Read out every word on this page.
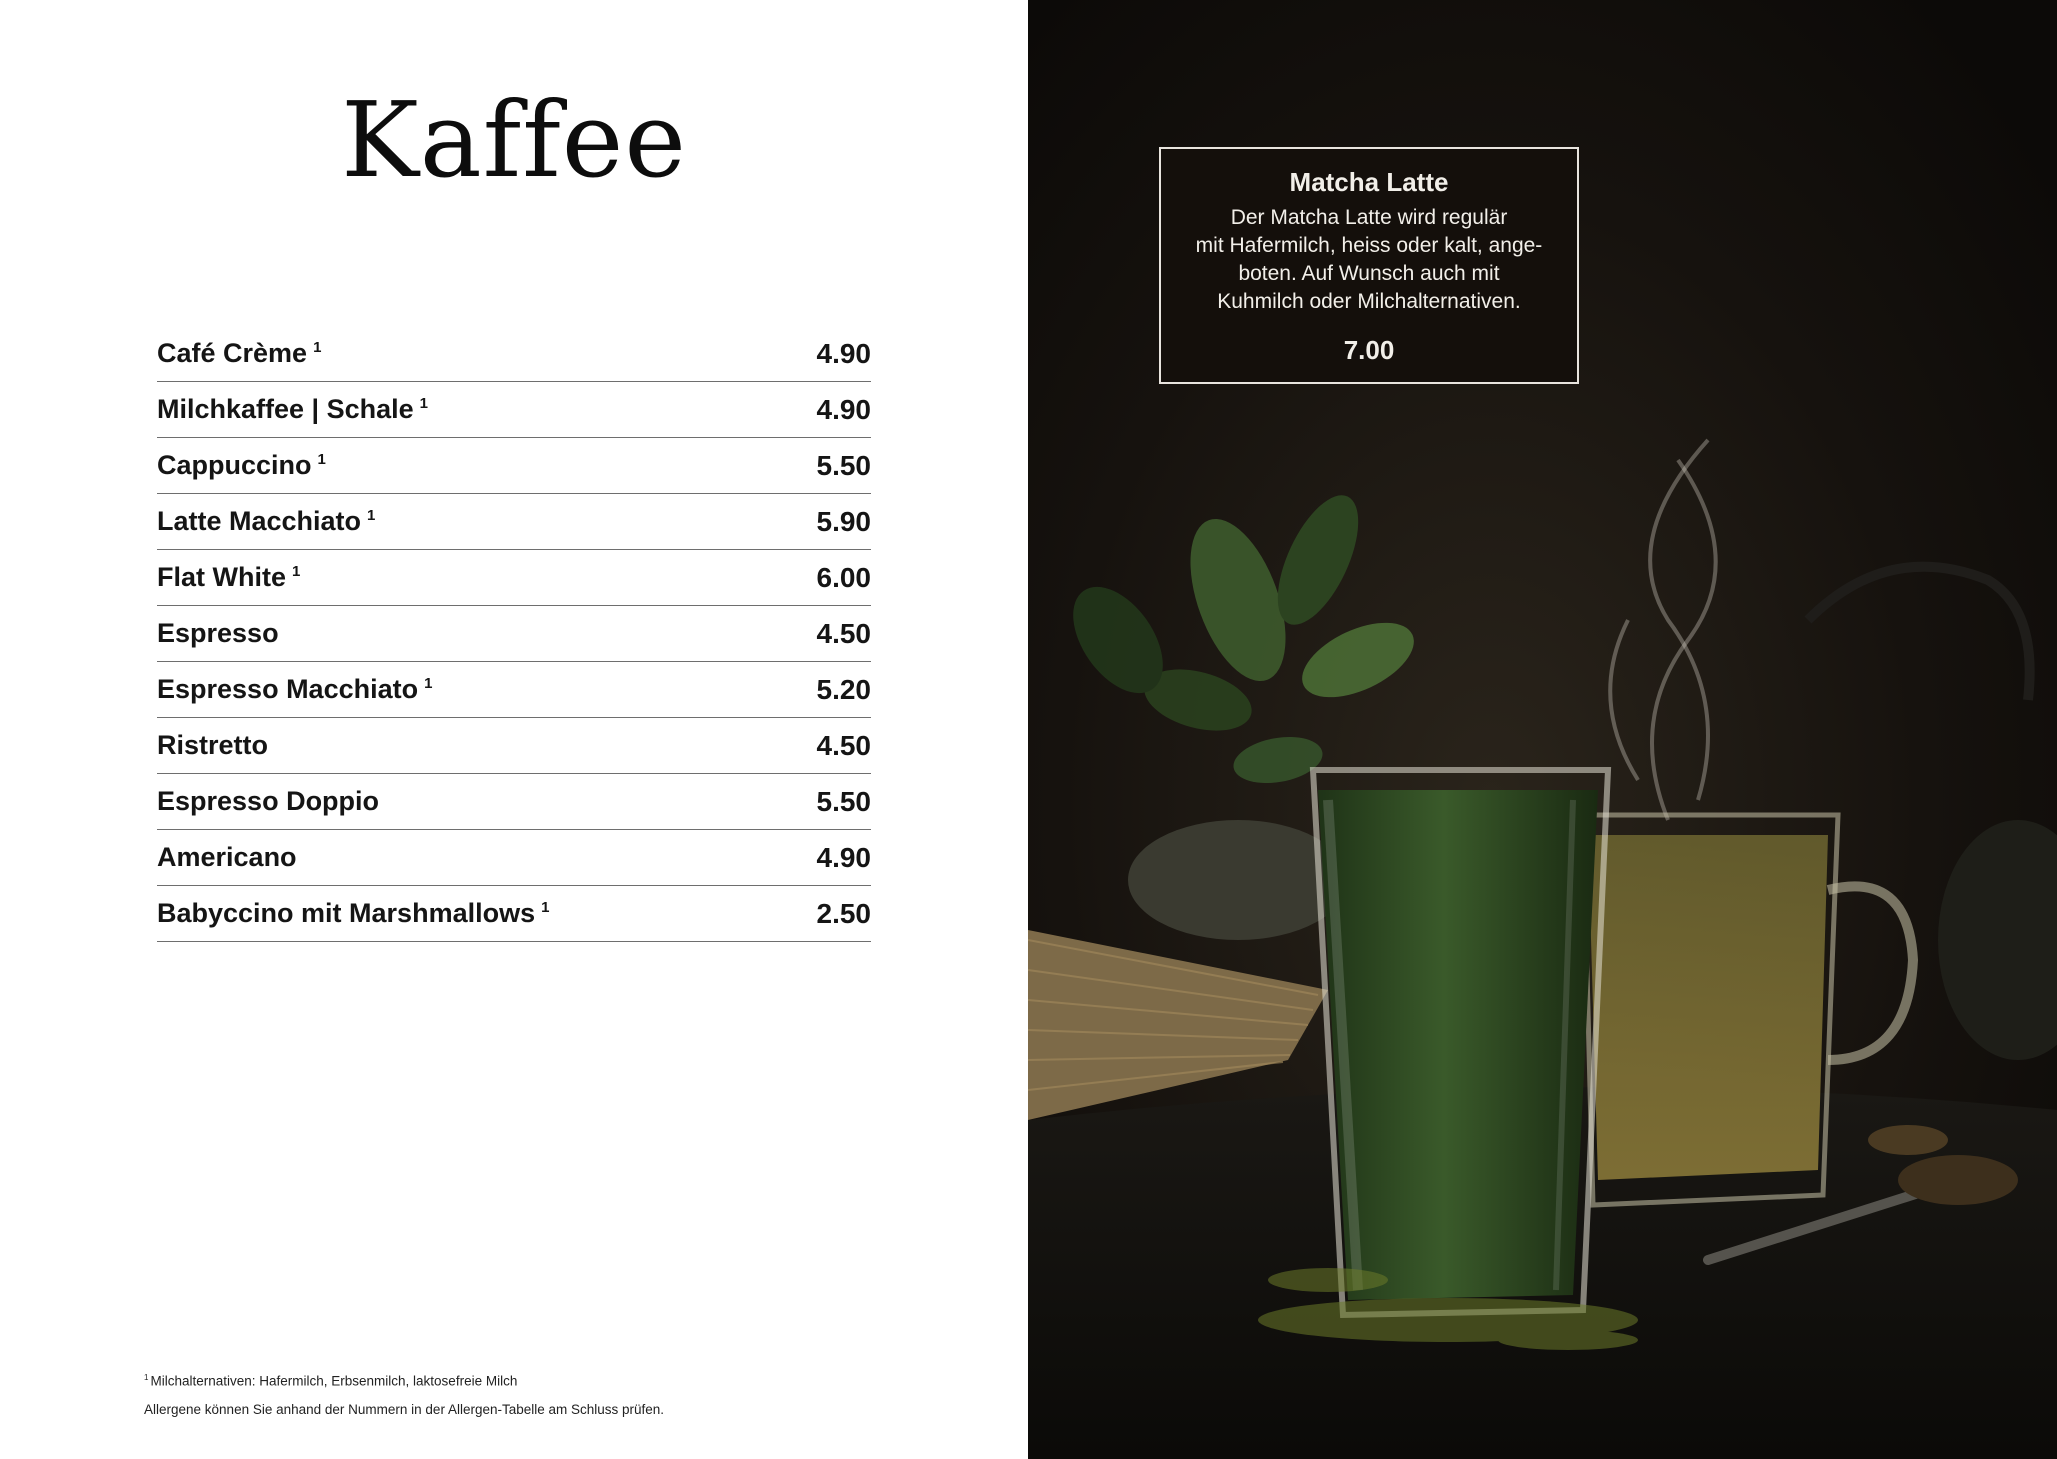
Kaffee
Café Crème $^1$	4.90
Milchkaffee | Schale $^1$	4.90
Cappuccino $^1$	5.50
Latte Macchiato $^1$	5.90
Flat White $^1$	6.00
Espresso	4.50
Espresso Macchiato $^1$	5.20
Ristretto	4.50
Espresso Doppio	5.50
Americano	4.90
Babyccino mit Marshmallows $^1$	2.50
$^1$ Milchalternativen: Hafermilch, Erbsenmilch, laktosefreie Milch
Allergene können Sie anhand der Nummern in der Allergen-Tabelle am Schluss prüfen.
Matcha Latte
Der Matcha Latte wird regulär
mit Hafermilch, heiss oder kalt, ange-
boten. Auf Wunsch auch mit
Kuhmilch oder Milchalternativen.
7.00
